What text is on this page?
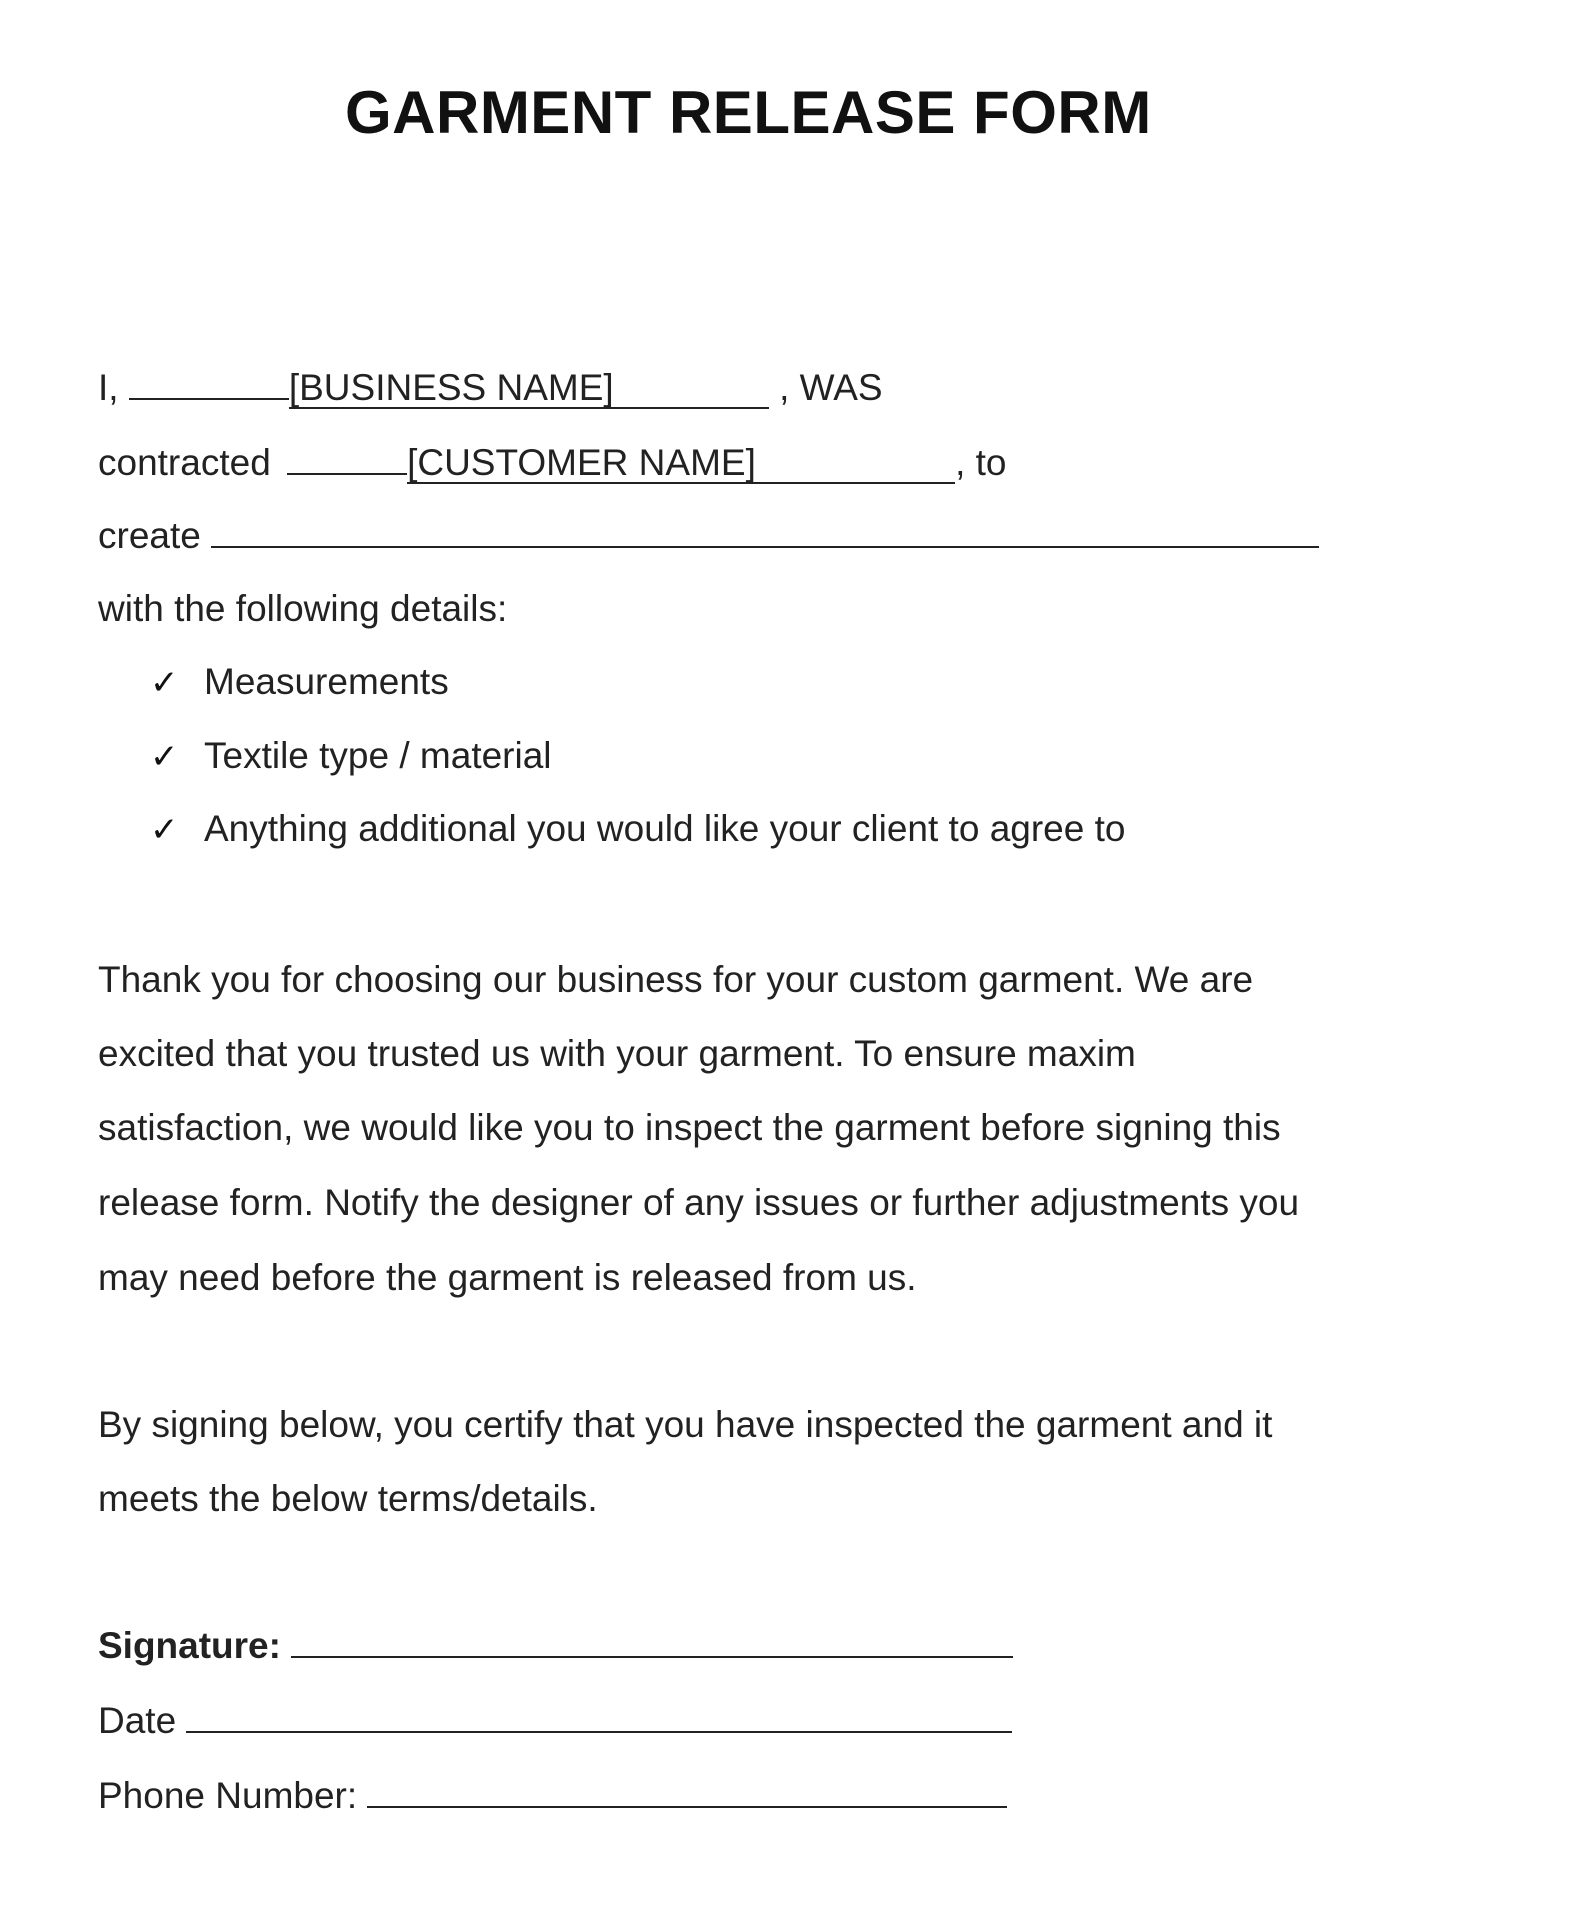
GARMENT RELEASE FORM
I,	[BUSINESS NAME]	, WAS
contracted	[CUSTOMER NAME]	, to
create
with the following details:
✓ Measurements
✓ Textile type / material
✓ Anything additional you would like your client to agree to
Thank you for choosing our business for your custom garment. We are
excited that you trusted us with your garment. To ensure maxim
satisfaction, we would like you to inspect the garment before signing this
release form. Notify the designer of any issues or further adjustments you
may need before the garment is released from us.
By signing below, you certify that you have inspected the garment and it
meets the below terms/details.
Signature:
Date
Phone Number:
